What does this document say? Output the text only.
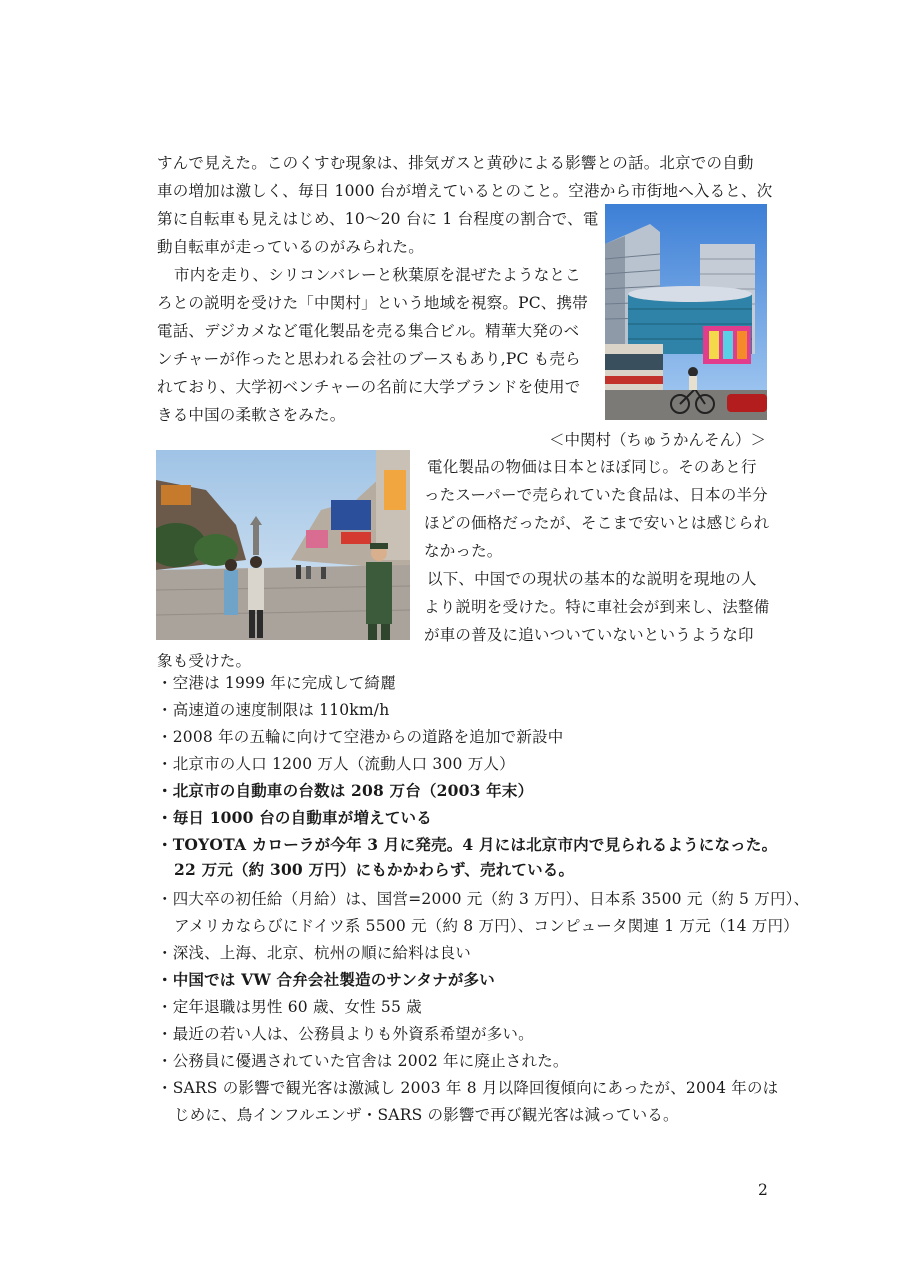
すんで見えた。このくすむ現象は、排気ガスと黄砂による影響との話。北京での自動
車の増加は激しく、毎日 1000 台が増えているとのこと。空港から市街地へ入ると、次
第に自転車も見えはじめ、10～20 台に 1 台程度の割合で、電
動自転車が走っているのがみられた。
市内を走り、シリコンバレーと秋葉原を混ぜたようなとこ
ろとの説明を受けた「中関村」という地域を視察。PC、携帯
電話、デジカメなど電化製品を売る集合ビル。精華大発のベ
ンチャーが作ったと思われる会社のブースもあり,PC も売ら
れており、大学初ベンチャーの名前に大学ブランドを使用で
きる中国の柔軟さをみた。
＜中関村（ちゅうかんそん）＞
電化製品の物価は日本とほぼ同じ。そのあと行
ったスーパーで売られていた食品は、日本の半分
ほどの価格だったが、そこまで安いとは感じられ
なかった。
以下、中国での現状の基本的な説明を現地の人
より説明を受けた。特に車社会が到来し、法整備
が車の普及に追いついていないというような印
象も受けた。
・空港は 1999 年に完成して綺麗
・高速道の速度制限は 110km/h
・2008 年の五輪に向けて空港からの道路を追加で新設中
・北京市の人口 1200 万人（流動人口 300 万人）
・北京市の自動車の台数は 208 万台（2003 年末）
・毎日 1000 台の自動車が増えている
・TOYOTA カローラが今年 3 月に発売。4 月には北京市内で見られるようになった。
22 万元（約 300 万円）にもかかわらず、売れている。
・四大卒の初任給（月給）は、国営=2000 元（約 3 万円）、日本系 3500 元（約 5 万円）、
アメリカならびにドイツ系 5500 元（約 8 万円）、コンピュータ関連 1 万元（14 万円）
・深浅、上海、北京、杭州の順に給料は良い
・中国では VW 合弁会社製造のサンタナが多い
・定年退職は男性 60 歳、女性 55 歳
・最近の若い人は、公務員よりも外資系希望が多い。
・公務員に優遇されていた官舎は 2002 年に廃止された。
・SARS の影響で観光客は激減し 2003 年 8 月以降回復傾向にあったが、2004 年のは
じめに、鳥インフルエンザ・SARS の影響で再び観光客は減っている。
2
